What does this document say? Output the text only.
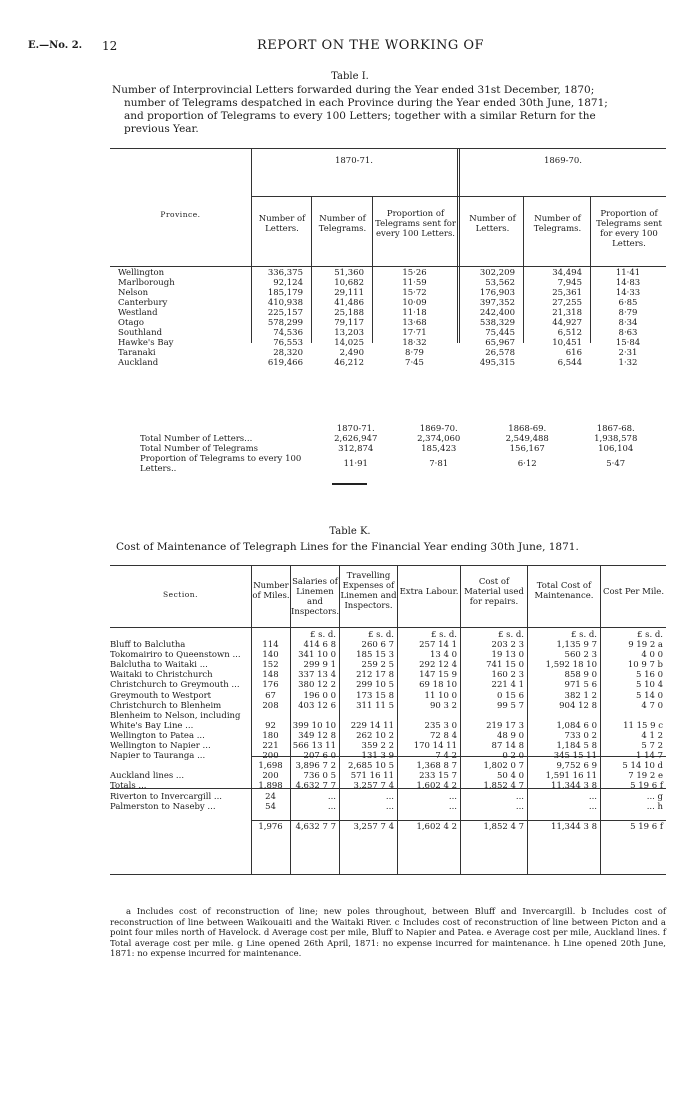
E.—No. 2. 12	REPORT ON THE WORKING OF
Table I.
Number of Interprovincial Letters forwarded during the Year ended 31st December, 1870;
number of Telegrams despatched in each Province during the Year ended 30th June, 1871;
and proportion of Telegrams to every 100 Letters; together with a similar Return for the
previous Year.
Province.
1870-71.	1869-70.
Number of Letters.
Number of Telegrams.
Proportion of Telegrams sent for every 100 Letters.
Number of Letters.
Number of Telegrams.
Proportion of Telegrams sent for every 100 Letters.
Wellington	336,375	51,360	15·26	302,209	34,494	11·41
Marlborough	92,124	10,682	11·59	53,562	7,945	14·83
Nelson	185,179	29,111	15·72	176,903	25,361	14·33
Canterbury	410,938	41,486	10·09	397,352	27,255	6·85
Westland	225,157	25,188	11·18	242,400	21,318	8·79
Otago	578,299	79,117	13·68	538,329	44,927	8·34
Southland	74,536	13,203	17·71	75,445	6,512	8·63
Hawke's Bay	76,553	14,025	18·32	65,967	10,451	15·84
Taranaki	28,320	2,490	8·79	26,578	616	2·31
Auckland	619,466	46,212	7·45	495,315	6,544	1·32
	1870-71.	1869-70.	1868-69.	1867-68.
Total Number of Letters...	2,626,947	2,374,060	2,549,488	1,938,578
Total Number of Telegrams	312,874	185,423	156,167	106,104
Proportion of Telegrams to every 100 Letters..	11·91	7·81	6·12	5·47
Table K.
Cost of Maintenance of Telegraph Lines for the Financial Year ending 30th June, 1871.
Section.
Number of Miles.
Salaries of Linemen and Inspectors.
Travelling Expenses of Linemen and Inspectors.
Extra Labour.
Cost of Material used for repairs.
Total Cost of Maintenance.	Cost Per Mile.
		£ s. d.	£ s. d.	£ s. d.	£ s. d.	£ s. d.	£ s. d.
Bluff to Balclutha	114	414 6 8	260 6 7	257 14 1	203 2 3	1,135 9 7	9 19 2 a
Tokomairiro to Queenstown ...	140	341 10 0	185 15 3	13 4 0	19 13 0	560 2 3	4 0 0
Balclutha to Waitaki ...	152	299 9 1	259 2 5	292 12 4	741 15 0	1,592 18 10	10 9 7 b
Waitaki to Christchurch	148	337 13 4	212 17 8	147 15 9	160 2 3	858 9 0	5 16 0
Christchurch to Greymouth ...	176	380 12 2	299 10 5	69 18 10	221 4 1	971 5 6	5 10 4
Greymouth to Westport	67	196 0 0	173 15 8	11 10 0	0 15 6	382 1 2	5 14 0
Christchurch to Blenheim	208	403 12 6	311 11 5	90 3 2	99 5 7	904 12 8	4 7 0
Blenheim to Nelson, including							
White's Bay Line ...	92	399 10 10	229 14 11	235 3 0	219 17 3	1,084 6 0	11 15 9 c
Wellington to Patea ...	180	349 12 8	262 10 2	72 8 4	48 9 0	733 0 2	4 1 2
Wellington to Napier ...	221	566 13 11	359 2 2	170 14 11	87 14 8	1,184 5 8	5 7 2
Napier to Tauranga ...	200	207 6 0	131 3 9	7 4 2	0 2 0	345 15 11	1 14 7
	1,698	3,896 7 2	2,685 10 5	1,368 8 7	1,802 0 7	9,752 6 9	5 14 10 d
Auckland lines ...	200	736 0 5	571 16 11	233 15 7	50 4 0	1,591 16 11	7 19 2 e
Totals ...	1,898	4,632 7 7	3,257 7 4	1,602 4 2	1,852 4 7	11,344 3 8	5 19 6 f
Riverton to Invercargill ...	24	...	...	...	...	...	... g
Palmerston to Naseby ...	54	...	...	...	...	...	... h

	1,976	4,632 7 7	3,257 7 4	1,602 4 2	1,852 4 7	11,344 3 8	5 19 6 f
a Includes cost of reconstruction of line; new poles throughout, between Bluff and Invercargill. b Includes cost of reconstruction of line between Waikouaiti and the Waitaki River. c Includes cost of reconstruction of line between Picton and a point four miles north of Havelock. d Average cost per mile, Bluff to Napier and Patea. e Average cost per mile, Auckland lines. f Total average cost per mile. g Line opened 26th April, 1871: no expense incurred for maintenance. h Line opened 20th June, 1871: no expense incurred for maintenance.
